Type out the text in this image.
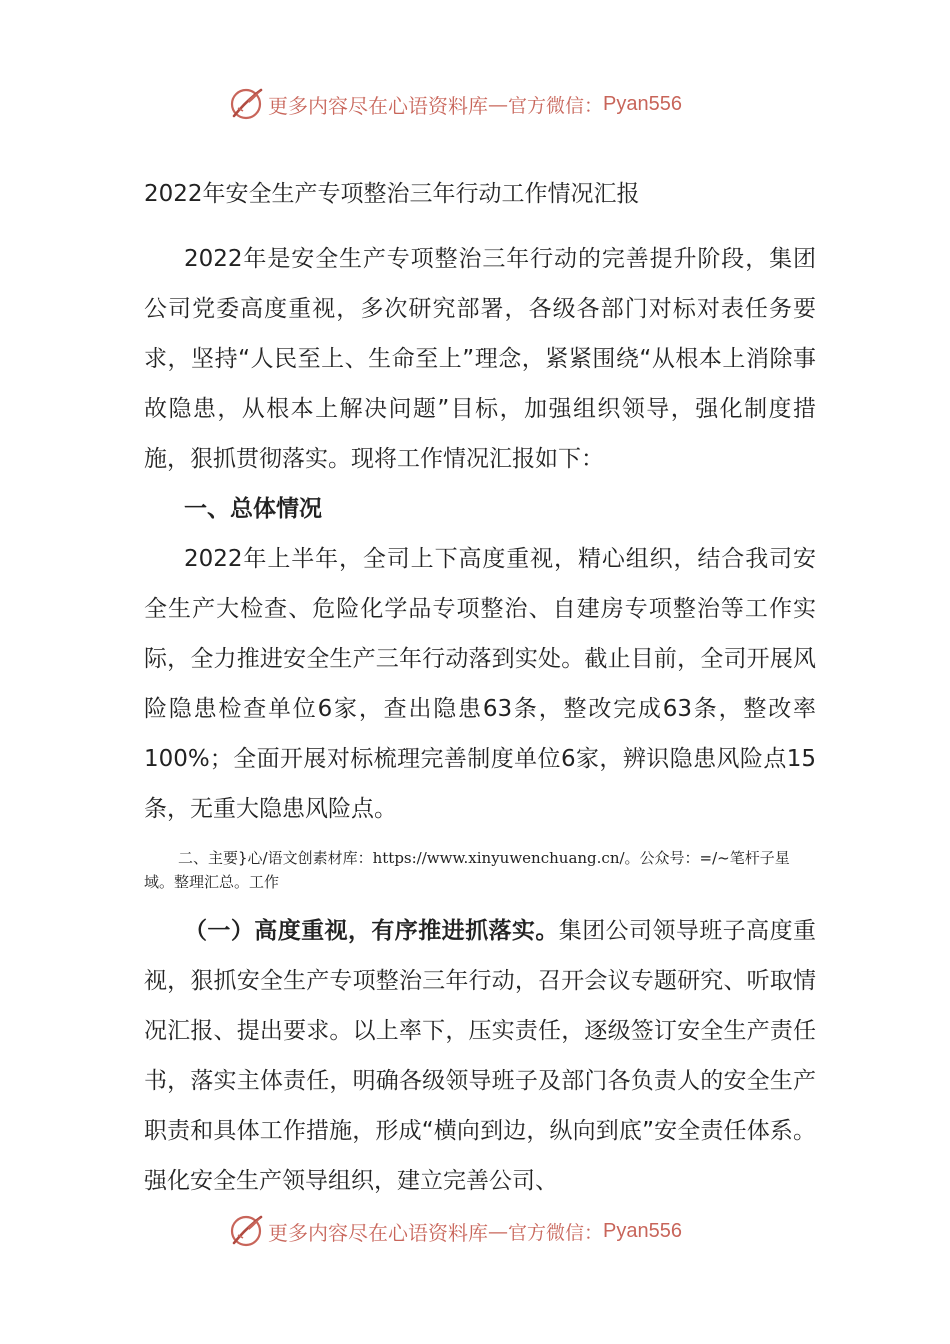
更多内容尽在心语资料库 — 官方微信： Pyan556
2022年安全生产专项整治三年行动工作情况汇报

2022年是安全生产专项整治三年行动的完善提升阶段，集团公司党委高度重视，多次研究部署，各级各部门对标对表任务要求，坚持“人民至上、生命至上”理念，紧紧围绕“从根本上消除事故隐患，从根本上解决问题”目标，加强组织领导，强化制度措施，狠抓贯彻落实。现将工作情况汇报如下：

一、总体情况

2022年上半年，全司上下高度重视，精心组织，结合我司安全生产大检查、危险化学品专项整治、自建房专项整治等工作实际，全力推进安全生产三年行动落到实处。截止目前，全司开展风险隐患检查单位6家，查出隐患63条，整改完成63条，整改率100%；全面开展对标梳理完善制度单位6家，辨识隐患风险点15条，无重大隐患风险点。

二、主要}心/语文创素材库：https://www.xinyuwenchuang.cn/。公众号：=/~笔杆子星域。整理汇总。工作

（一）高度重视，有序推进抓落实。集团公司领导班子高度重视，狠抓安全生产专项整治三年行动，召开会议专题研究、听取情况汇报、提出要求。以上率下，压实责任，逐级签订安全生产责任书，落实主体责任，明确各级领导班子及部门各负责人的安全生产职责和具体工作措施，形成“横向到边，纵向到底”安全责任体系。强化安全生产领导组织，建立完善公司、

更多内容尽在心语资料库 — 官方微信： Pyan556
